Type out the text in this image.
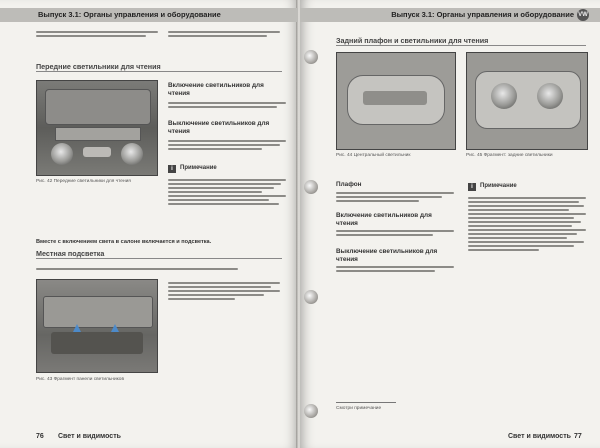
Выпуск 3.1: Органы управления и оборудование
Передние светильники для чтения
Рис. 42 Передние светильники для чтения
Включение светильников для чтения
Выключение светильников для чтения
i	Примечание
Вместе с включением света в салоне включается и подсветка.
Местная подсветка
Рис. 43 Фрагмент панели светильников
76 Свет и видимость
Выпуск 3.1: Органы управления и оборудование VW
Задний плафон и светильники для чтения
Рис. 44 Центральный светильник	Рис. 45 Фрагмент: задние светильники
Плафон
Включение светильников для чтения
Выключение светильников для чтения
i	Примечание
Смотри примечание
Свет и видимость 77
